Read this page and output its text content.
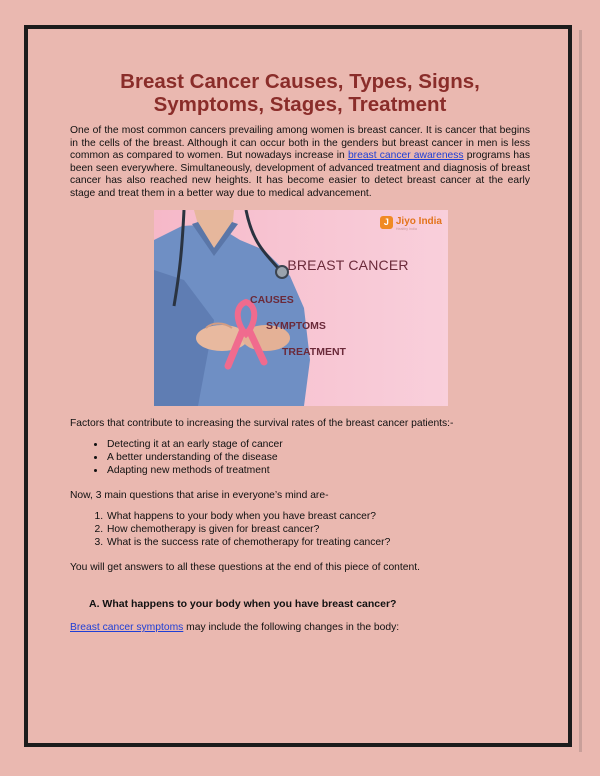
Breast Cancer Causes, Types, Signs, Symptoms, Stages, Treatment

One of the most common cancers prevailing among women is breast cancer. It is cancer that begins in the cells of the breast. Although it can occur both in the genders but breast cancer in men is less common as compared to women. But nowadays increase in breast cancer awareness programs has been seen everywhere. Simultaneously, development of advanced treatment and diagnosis of breast cancer has also reached new heights. It has become easier to detect breast cancer at the early stage and treat them in a better way due to medical advancement.

J Jiyo India
Healthy India
BREAST CANCER
CAUSES
SYMPTOMS
TREATMENT

Factors that contribute to increasing the survival rates of the breast cancer patients:-

• Detecting it at an early stage of cancer
• A better understanding of the disease
• Adapting new methods of treatment

Now, 3 main questions that arise in everyone’s mind are-

1. What happens to your body when you have breast cancer?
2. How chemotherapy is given for breast cancer?
3. What is the success rate of chemotherapy for treating cancer?

You will get answers to all these questions at the end of this piece of content.

A. What happens to your body when you have breast cancer?

Breast cancer symptoms may include the following changes in the body:
